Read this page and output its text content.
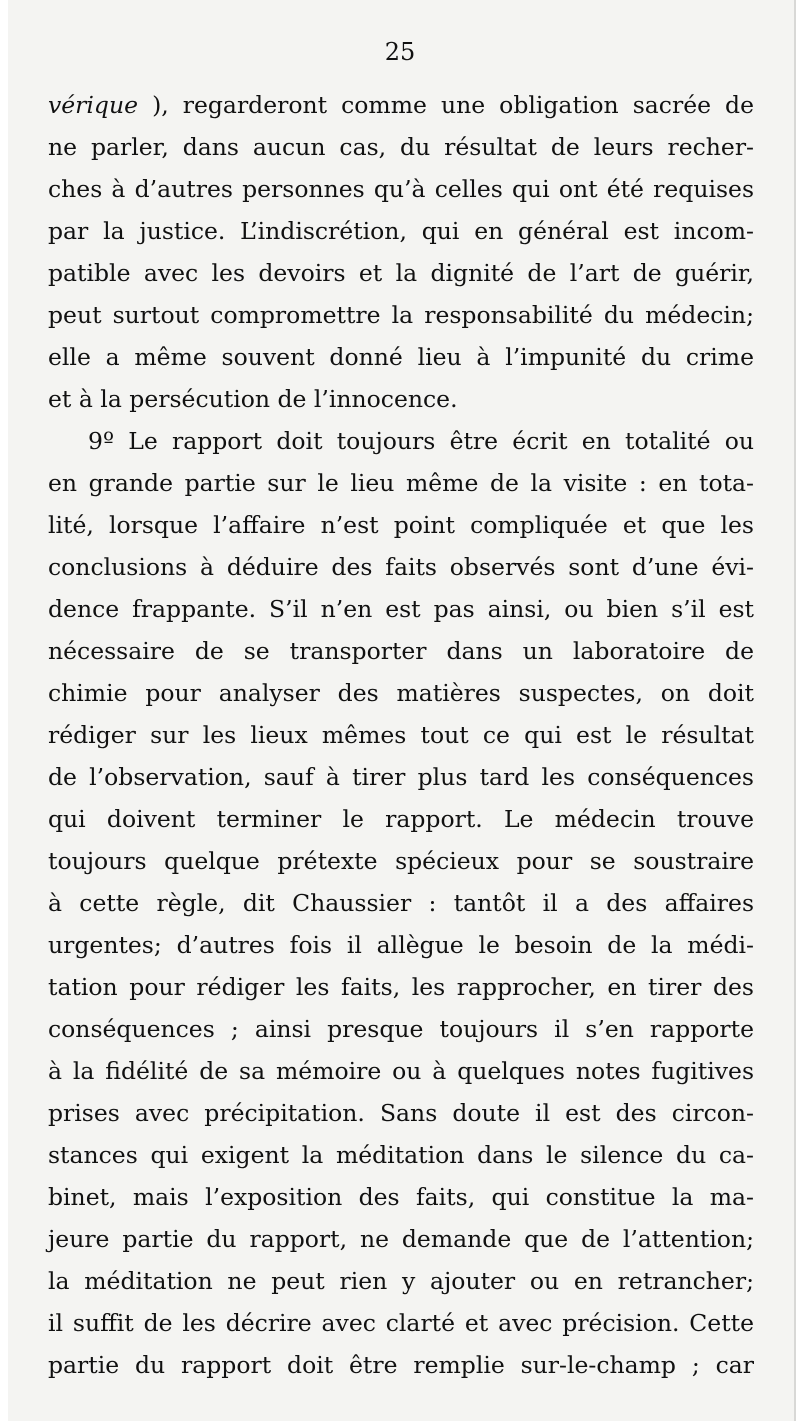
25
vérique ), regarderont comme une obligation sacrée de
ne parler, dans aucun cas, du résultat de leurs recher-
ches à d’autres personnes qu’à celles qui ont été requises
par la justice. L’indiscrétion, qui en général est incom-
patible avec les devoirs et la dignité de l’art de guérir,
peut surtout compromettre la responsabilité du médecin;
elle a même souvent donné lieu à l’impunité du crime
et à la persécution de l’innocence.
9º Le rapport doit toujours être écrit en totalité ou
en grande partie sur le lieu même de la visite : en tota-
lité, lorsque l’affaire n’est point compliquée et que les
conclusions à déduire des faits observés sont d’une évi-
dence frappante. S’il n’en est pas ainsi, ou bien s’il est
nécessaire de se transporter dans un laboratoire de
chimie pour analyser des matières suspectes, on doit
rédiger sur les lieux mêmes tout ce qui est le résultat
de l’observation, sauf à tirer plus tard les conséquences
qui doivent terminer le rapport. Le médecin trouve
toujours quelque prétexte spécieux pour se soustraire
à cette règle, dit Chaussier : tantôt il a des affaires
urgentes; d’autres fois il allègue le besoin de la médi-
tation pour rédiger les faits, les rapprocher, en tirer des
conséquences ; ainsi presque toujours il s’en rapporte
à la fidélité de sa mémoire ou à quelques notes fugitives
prises avec précipitation. Sans doute il est des circon-
stances qui exigent la méditation dans le silence du ca-
binet, mais l’exposition des faits, qui constitue la ma-
jeure partie du rapport, ne demande que de l’attention;
la méditation ne peut rien y ajouter ou en retrancher;
il suffit de les décrire avec clarté et avec précision. Cette
partie du rapport doit être remplie sur-le-champ ; car
